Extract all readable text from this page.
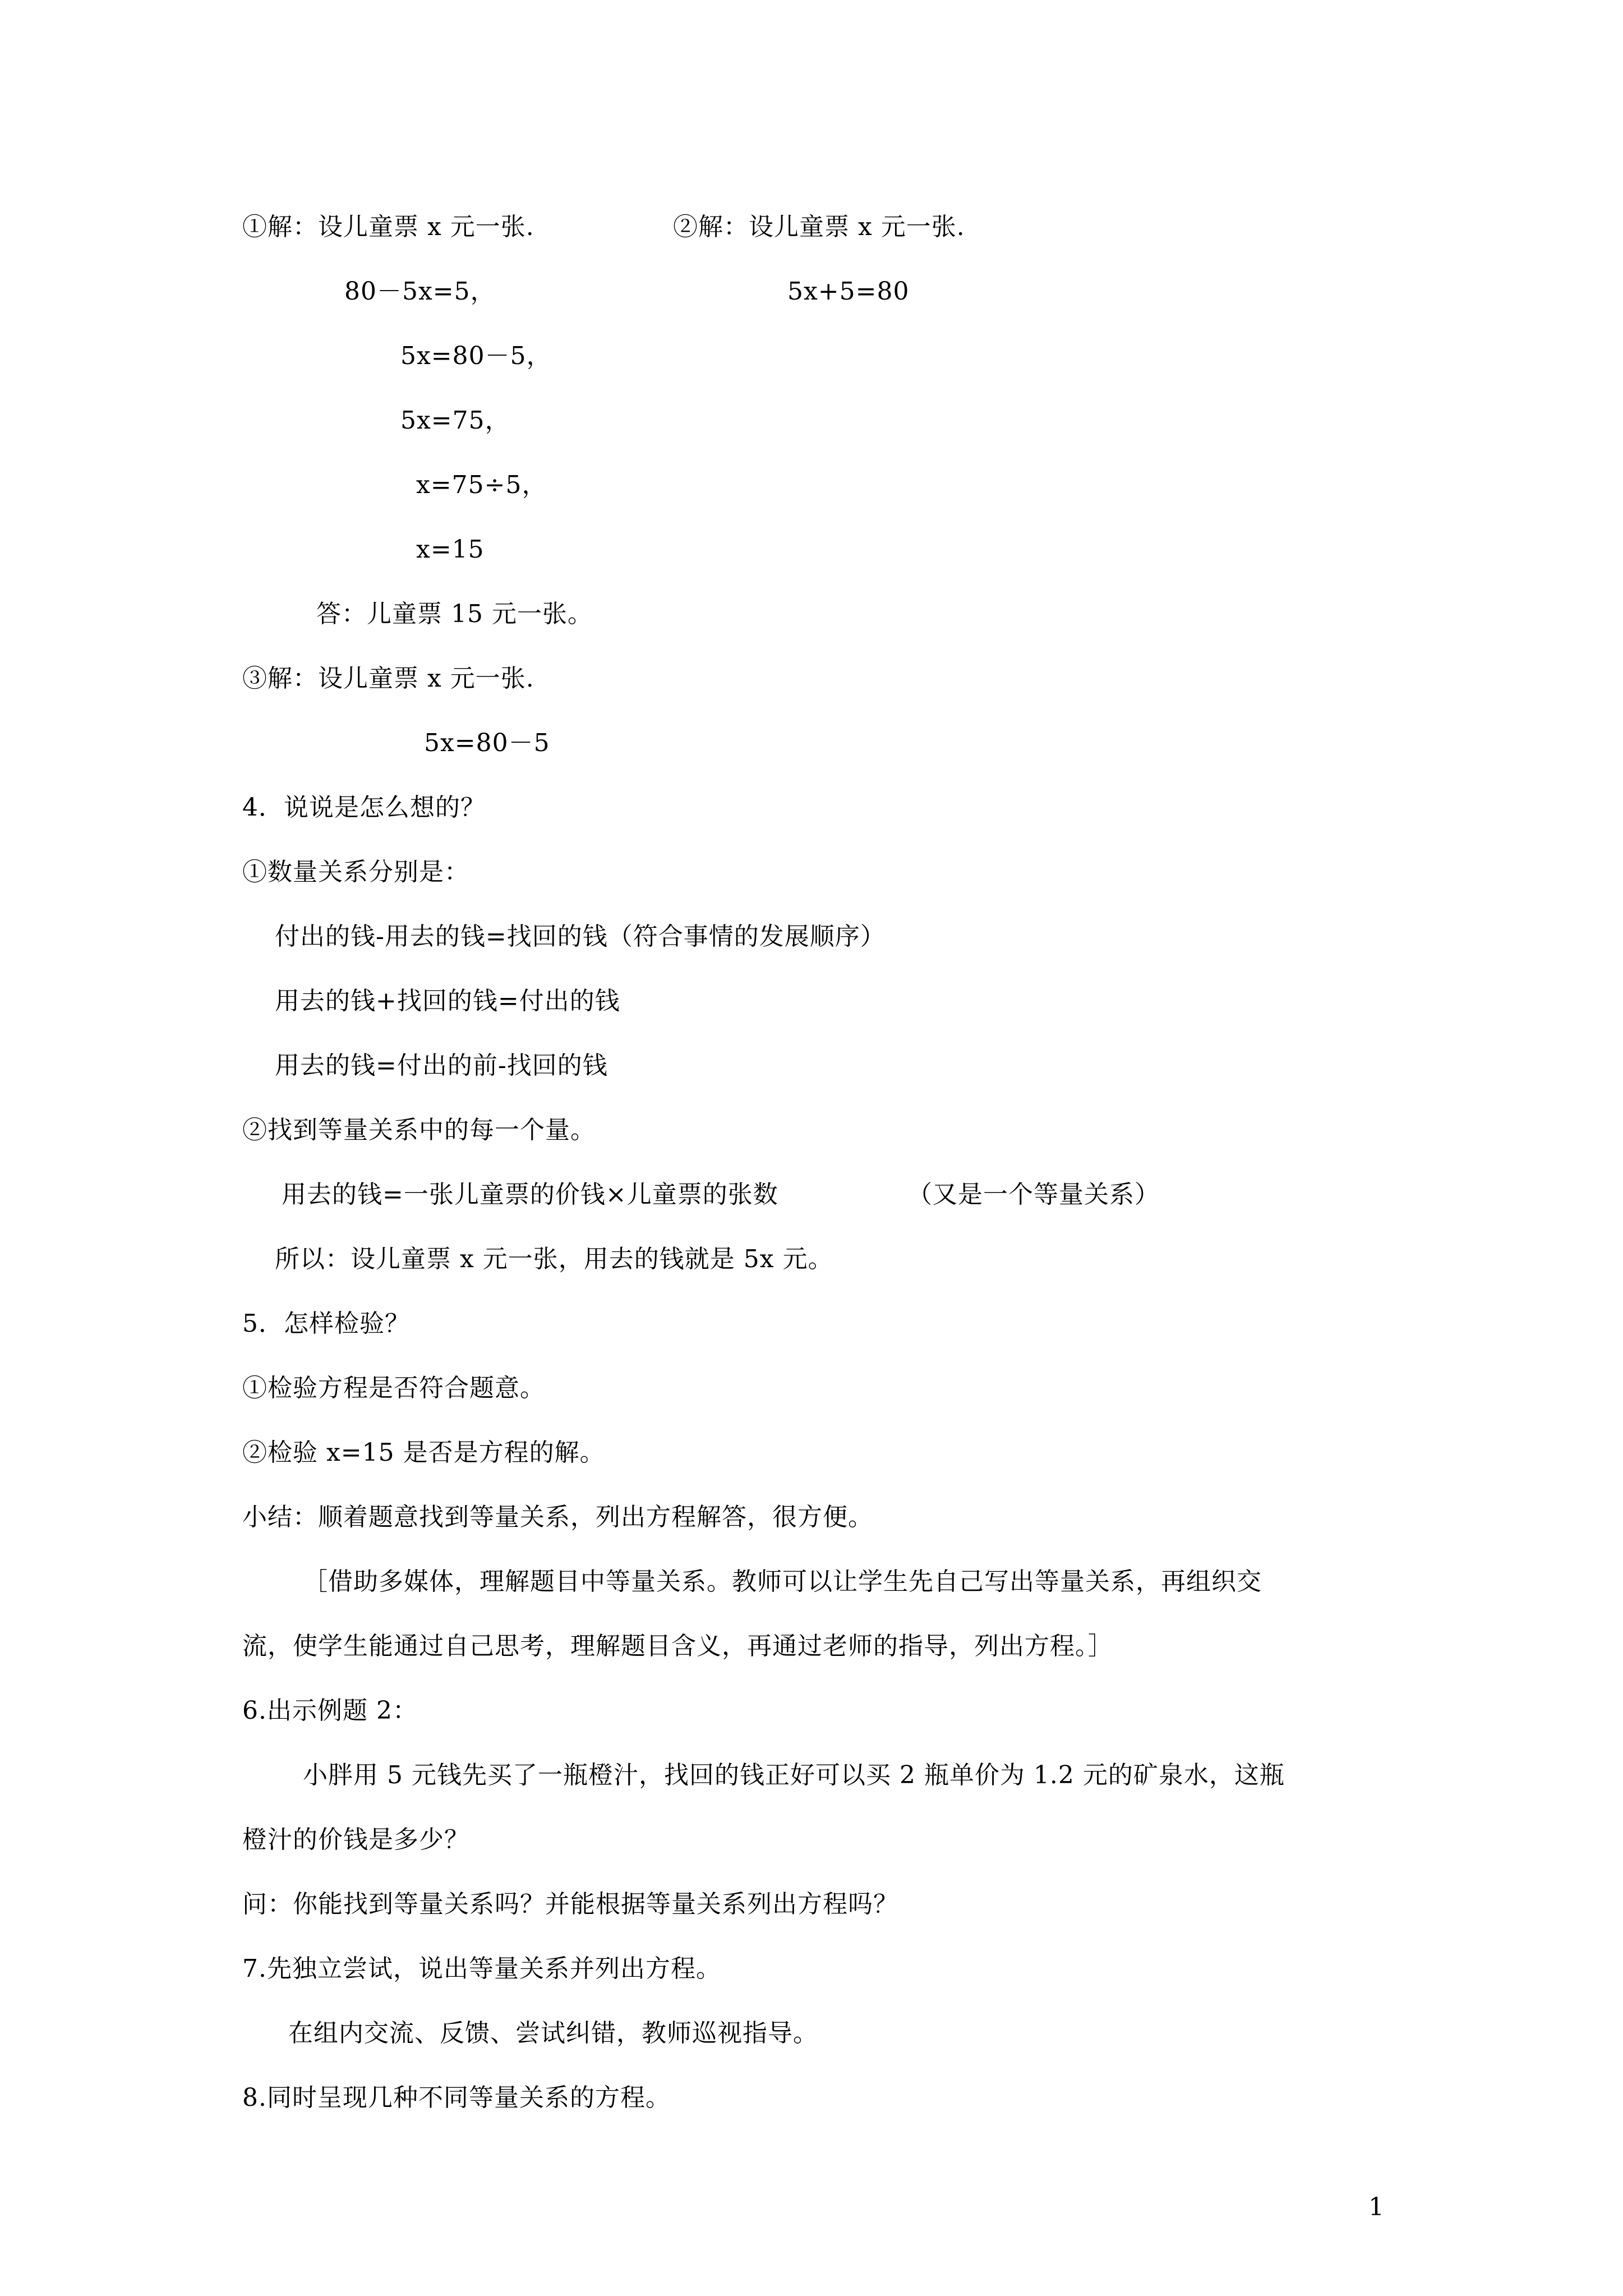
①解：设儿童票 x 元一张.	②解：设儿童票 x 元一张.
80－5x=5，	5x+5=80
5x=80－5，
5x=75，
x=75÷5，
x=15
答：儿童票 15 元一张。
③解：设儿童票 x 元一张.
5x=80－5
4．说说是怎么想的？
①数量关系分别是：
付出的钱-用去的钱=找回的钱（符合事情的发展顺序）
用去的钱+找回的钱=付出的钱
用去的钱=付出的前-找回的钱
②找到等量关系中的每一个量。
用去的钱=一张儿童票的价钱×儿童票的张数	（又是一个等量关系）
所以：设儿童票 x 元一张，用去的钱就是 5x 元。
5．怎样检验？
①检验方程是否符合题意。
②检验 x=15 是否是方程的解。
小结：顺着题意找到等量关系，列出方程解答，很方便。
［借助多媒体，理解题目中等量关系。教师可以让学生先自己写出等量关系，再组织交
流，使学生能通过自己思考，理解题目含义，再通过老师的指导，列出方程。］
6.出示例题 2：
小胖用 5 元钱先买了一瓶橙汁，找回的钱正好可以买 2 瓶单价为 1.2 元的矿泉水，这瓶
橙汁的价钱是多少？
问：你能找到等量关系吗？并能根据等量关系列出方程吗？
7.先独立尝试，说出等量关系并列出方程。
在组内交流、反馈、尝试纠错，教师巡视指导。
8.同时呈现几种不同等量关系的方程。
1
